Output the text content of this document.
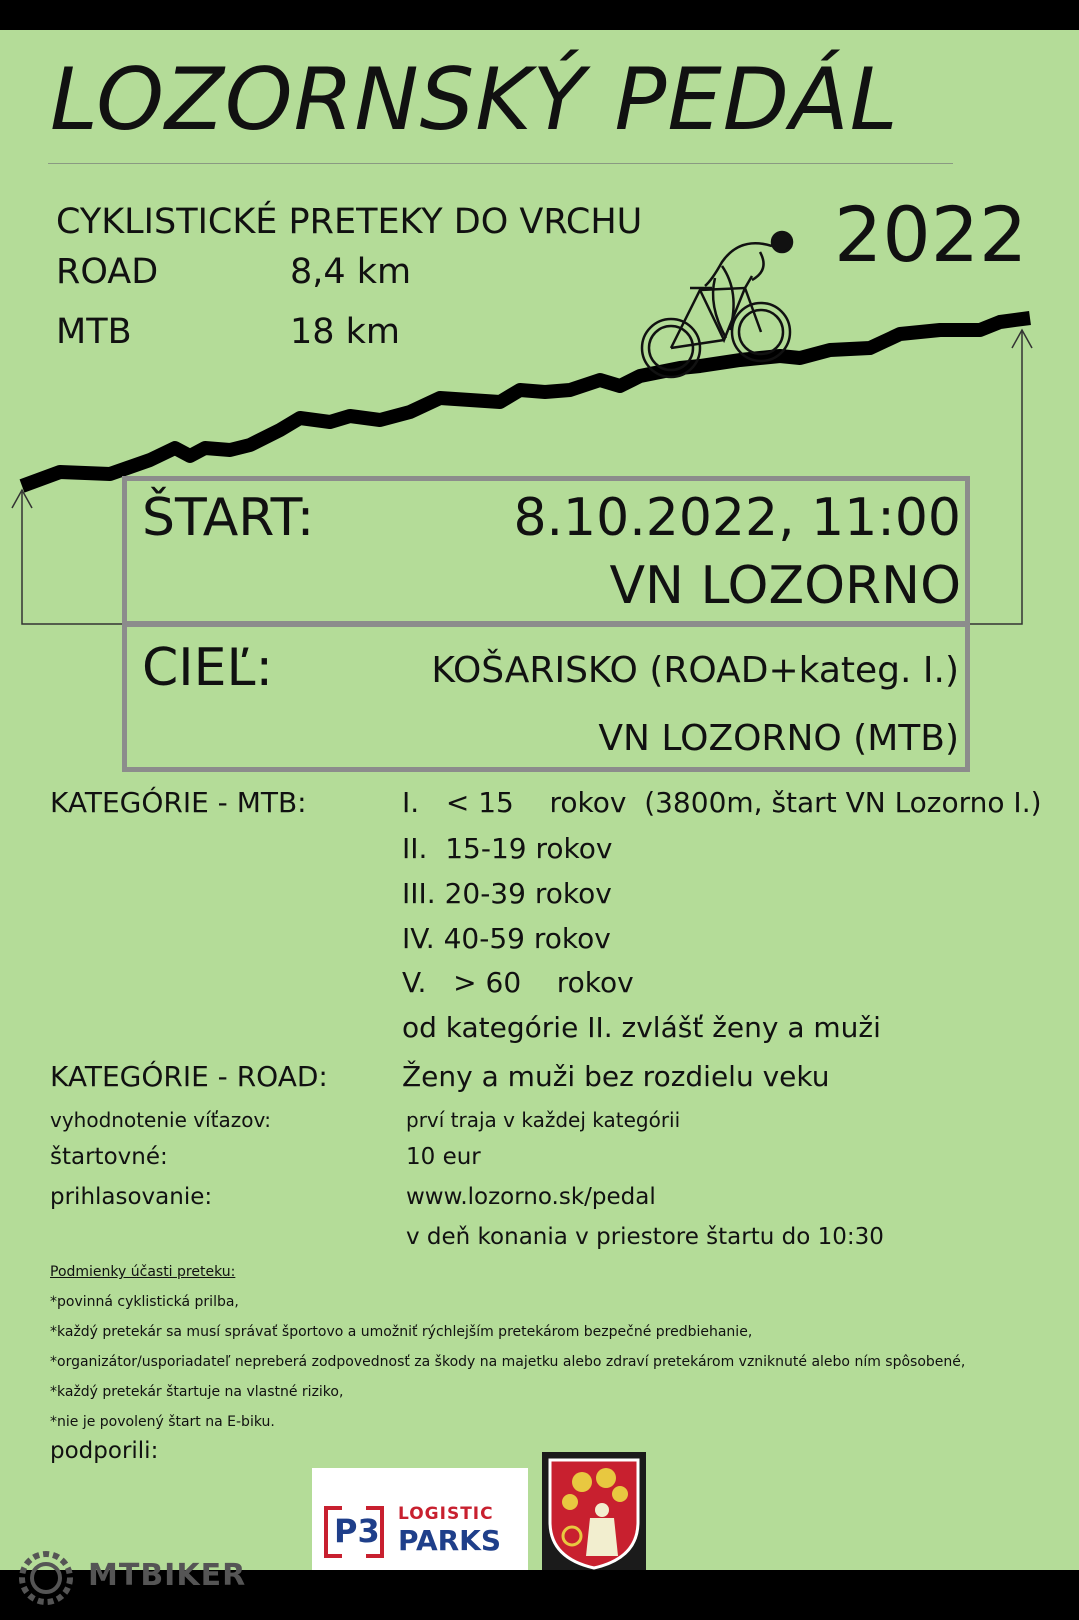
LOZORNSKÝ PEDÁL
CYKLISTICKÉ PRETEKY DO VRCHU	2022
ROAD	8,4 km
MTB	18 km
ŠTART:	8.10.2022, 11:00
VN LOZORNO
CIEĽ:	KOŠARISKO (ROAD+kateg. I.)
VN LOZORNO (MTB)
KATEGÓRIE - MTB:	I.   < 15    rokov  (3800m, štart VN Lozorno I.)
II.  15-19 rokov
III. 20-39 rokov
IV. 40-59 rokov
V.   > 60    rokov
od kategórie II. zvlášť ženy a muži
KATEGÓRIE - ROAD:	Ženy a muži bez rozdielu veku
vyhodnotenie víťazov:	prví traja v každej kategórii
štartovné:	10 eur
prihlasovanie:	www.lozorno.sk/pedal
v deň konania v priestore štartu do 10:30
Podmienky účasti preteku:
*povinná cyklistická prilba,
*každý pretekár sa musí správať športovo a umožniť rýchlejším pretekárom bezpečné predbiehanie,
*organizátor/usporiadateľ nepreberá zodpovednosť za škody na majetku alebo zdraví pretekárom vzniknuté alebo ním spôsobené,
*každý pretekár štartuje na vlastné riziko,
*nie je povolený štart na E-biku.
podporili:
P3 LOGISTIC
PARKS
MTBIKER
